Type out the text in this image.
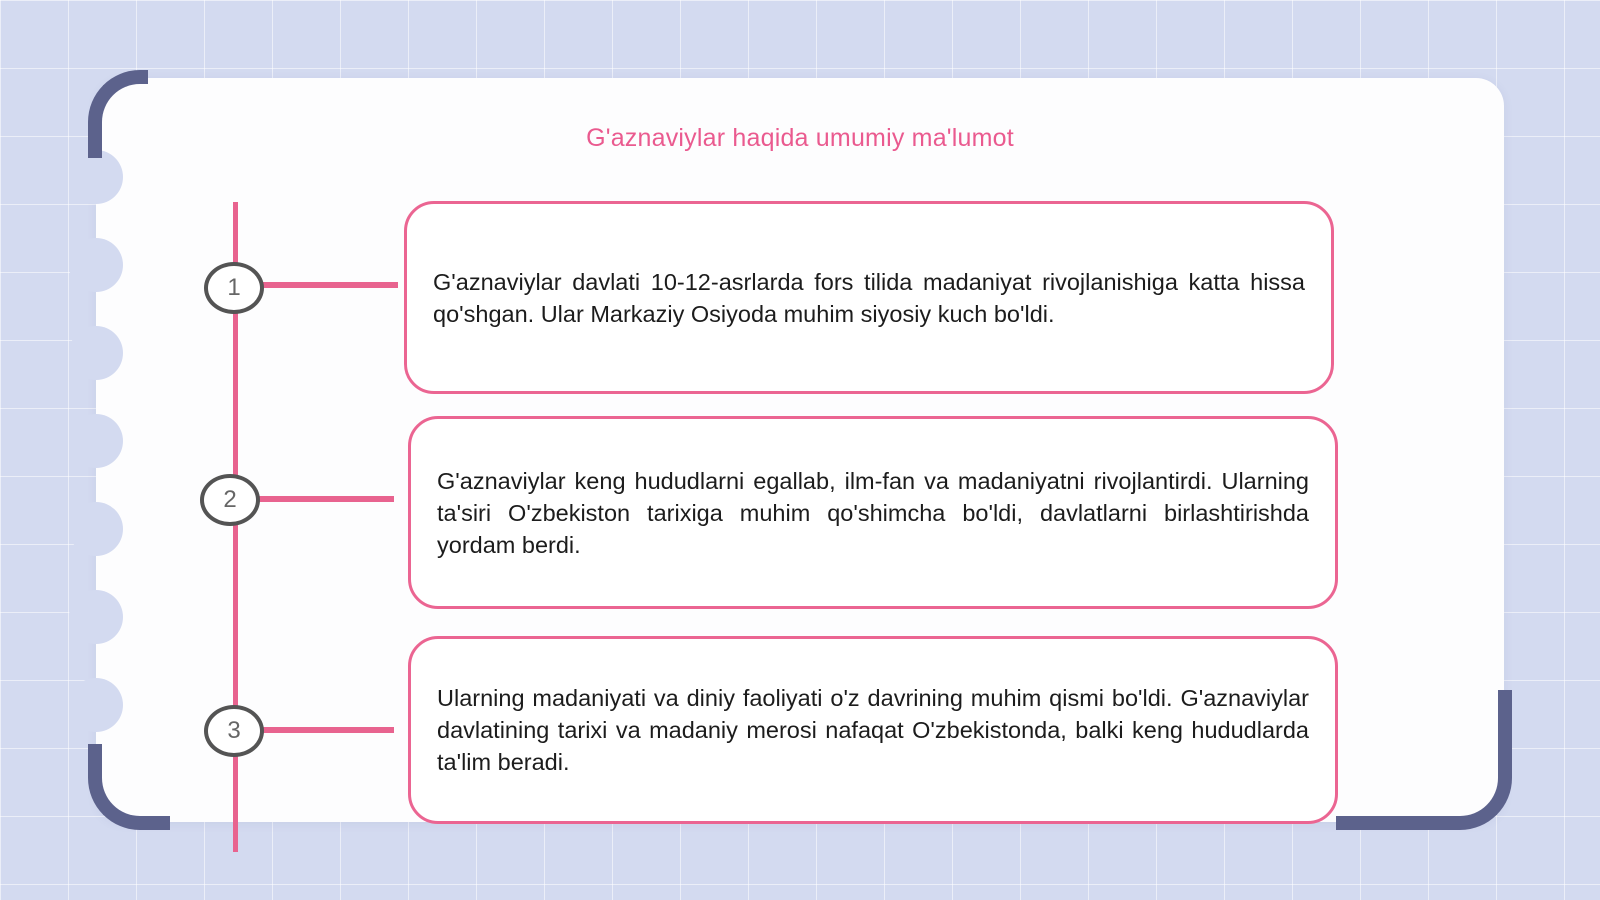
G'aznaviylar haqida umumiy ma'lumot
1	G'aznaviylar davlati 10-12-asrlarda fors tilida madaniyat rivojlanishiga katta hissa qo'shgan. Ular Markaziy Osiyoda muhim siyosiy kuch bo'ldi.

2

G'aznaviylar keng hududlarni egallab, ilm-fan va madaniyatni rivojlantirdi. Ularning ta'siri O'zbekiston tarixiga muhim qo'shimcha bo'ldi, davlatlarni birlashtirishda yordam berdi.

3

Ularning madaniyati va diniy faoliyati o'z davrining muhim qismi bo'ldi. G'aznaviylar davlatining tarixi va madaniy merosi nafaqat O'zbekistonda, balki keng hududlarda ta'lim beradi.
